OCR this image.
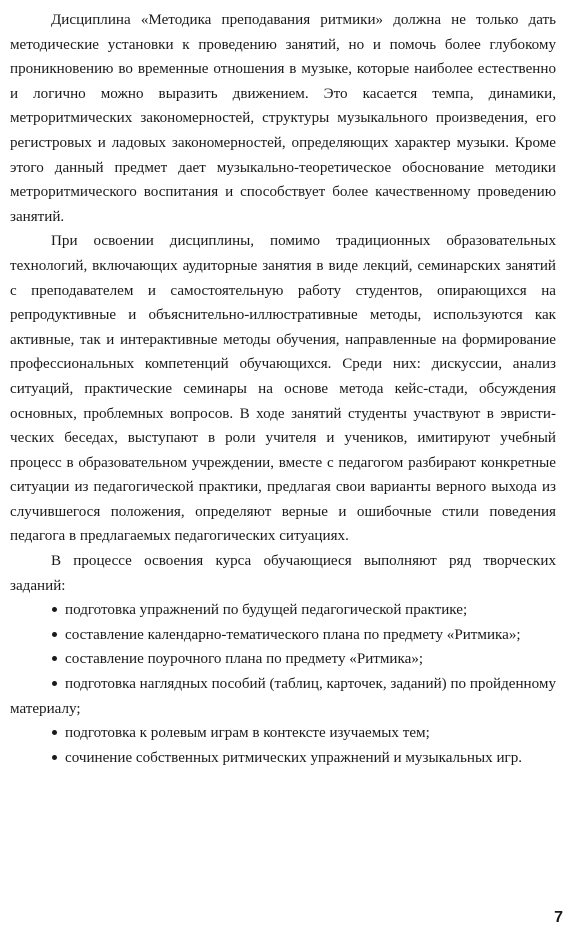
Дисциплина «Методика преподавания ритмики» должна не только дать методические установки к проведению занятий, но и помочь более глубокому проникновению во временные отношения в музыке, которые наиболее естественно и логично можно выразить движением. Это касается темпа, динамики, метроритмических закономерностей, структуры музыкального произведения, его регистровых и ладовых закономерностей, определяющих характер музыки. Кроме этого данный предмет дает музыкально-теоретическое обоснование методики метроритмического воспитания и способствует более качественному проведению занятий.

При освоении дисциплины, помимо традиционных образовательных технологий, включающих аудиторные занятия в виде лекций, семинарских занятий с преподавателем и самостоятельную работу студентов, опирающихся на репродуктивные и объяснительно-иллюстративные методы, используются как активные, так и интерактивные методы обучения, направленные на формирование профессиональных компетенций обучающихся. Среди них: дискуссии, анализ ситуаций, практические семинары на основе метода кейс-стади, обсуждения основных, проблемных вопросов. В ходе занятий студенты участвуют в эвристических беседах, выступают в роли учителя и учеников, имитируют учебный процесс в образовательном учреждении, вместе с педагогом разбирают конкретные ситуации из педагогической практики, предлагая свои варианты верного выхода из случившегося положения, определяют верные и ошибочные стили поведения педагога в предлагаемых педагогических ситуациях.

В процессе освоения курса обучающиеся выполняют ряд творческих заданий:

подготовка упражнений по будущей педагогической практике;

составление календарно-тематического плана по предмету «Ритмика»;

составление поурочного плана по предмету «Ритмика»;

подготовка наглядных пособий (таблиц, карточек, заданий) по пройденному материалу;

подготовка к ролевым играм в контексте изучаемых тем;

сочинение собственных ритмических упражнений и музыкальных игр.

7
